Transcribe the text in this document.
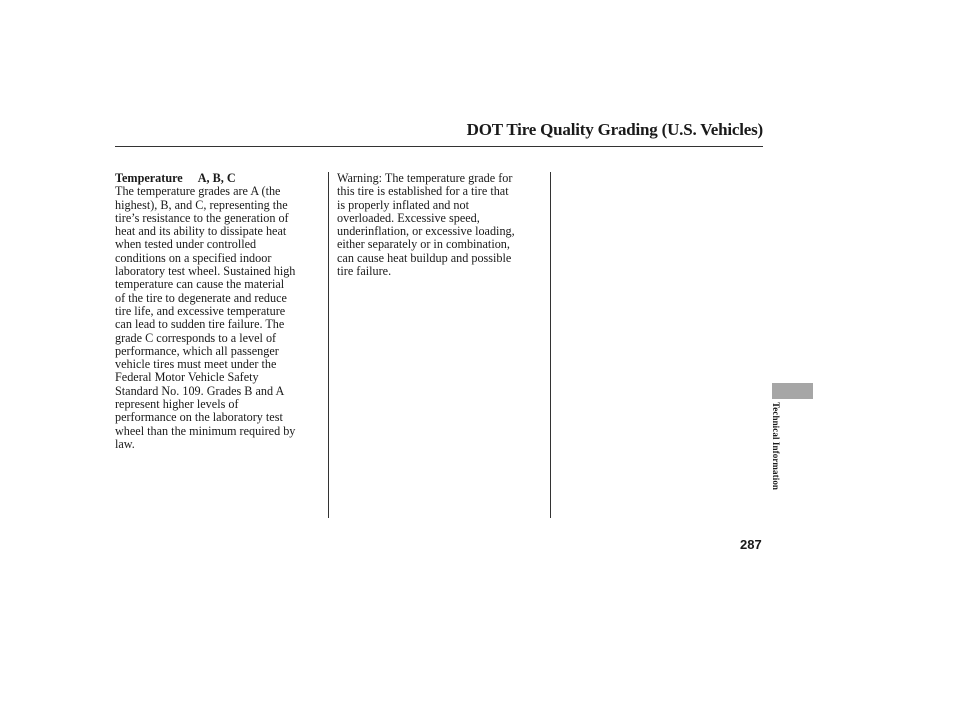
DOT Tire Quality Grading (U.S. Vehicles)
Temperature A, B, C
The temperature grades are A (the
highest), B, and C, representing the
tire’s resistance to the generation of
heat and its ability to dissipate heat
when tested under controlled
conditions on a specified indoor
laboratory test wheel. Sustained high
temperature can cause the material
of the tire to degenerate and reduce
tire life, and excessive temperature
can lead to sudden tire failure. The
grade C corresponds to a level of
performance, which all passenger
vehicle tires must meet under the
Federal Motor Vehicle Safety
Standard No. 109. Grades B and A
represent higher levels of
performance on the laboratory test
wheel than the minimum required by
law.
Warning: The temperature grade for
this tire is established for a tire that
is properly inflated and not
overloaded. Excessive speed,
underinflation, or excessive loading,
either separately or in combination,
can cause heat buildup and possible
tire failure.
Technical Information
287
